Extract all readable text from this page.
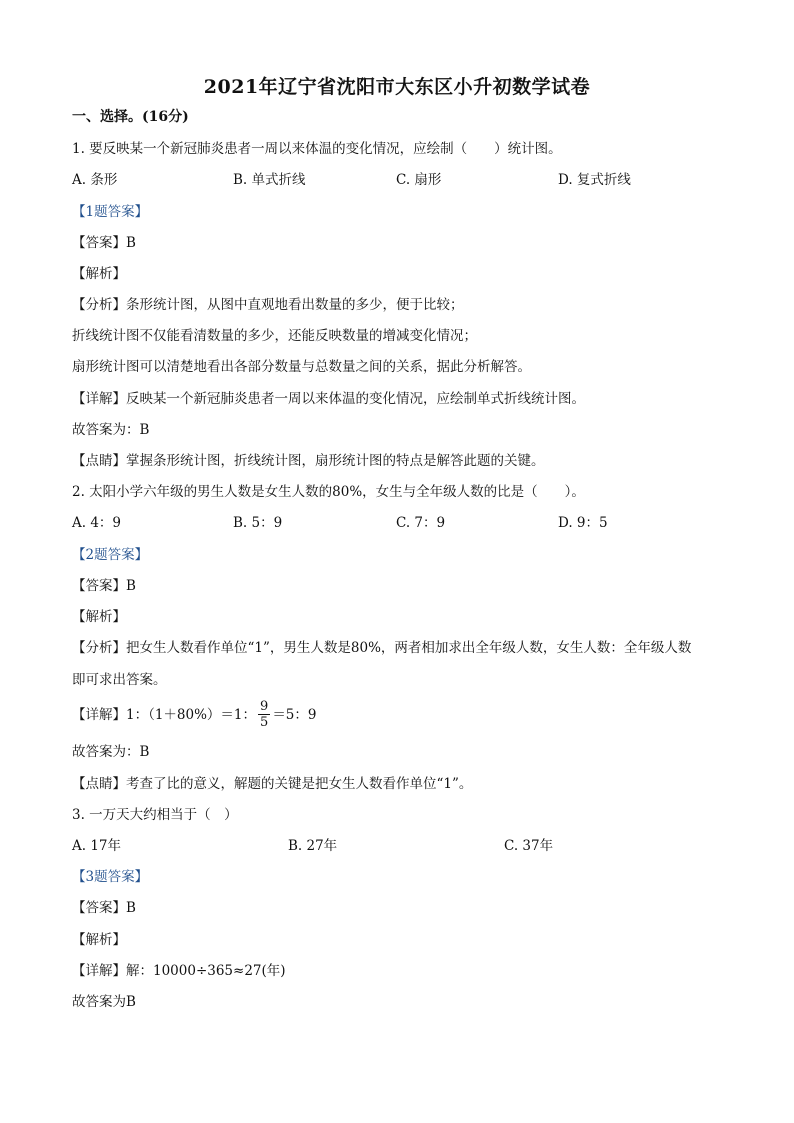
2021年辽宁省沈阳市大东区小升初数学试卷
一、选择。(16分)
1. 要反映某一个新冠肺炎患者一周以来体温的变化情况，应绘制（　　）统计图。
A. 条形	B. 单式折线	C. 扇形	D. 复式折线
【1题答案】
【答案】B
【解析】
【分析】条形统计图，从图中直观地看出数量的多少，便于比较；
折线统计图不仅能看清数量的多少，还能反映数量的增减变化情况；
扇形统计图可以清楚地看出各部分数量与总数量之间的关系，据此分析解答。
【详解】反映某一个新冠肺炎患者一周以来体温的变化情况，应绘制单式折线统计图。
故答案为：B
【点睛】掌握条形统计图，折线统计图，扇形统计图的特点是解答此题的关键。
2. 太阳小学六年级的男生人数是女生人数的80%，女生与全年级人数的比是（　　）。
A. 4：9	B. 5：9	C. 7：9	D. 9：5
【2题答案】
【答案】B
【解析】
【分析】把女生人数看作单位“1”，男生人数是80%，两者相加求出全年级人数，女生人数：全年级人数
即可求出答案。
【详解】1：（1＋80%）＝1： $\frac{9}{5} =5$：9
故答案为：B
【点睛】考查了比的意义，解题的关键是把女生人数看作单位“1”。
3. 一万天大约相当于（　）
A. 17年	B. 27年	C. 37年
【3题答案】
【答案】B
【解析】
【详解】解：10000÷365≈27(年)
故答案为B
